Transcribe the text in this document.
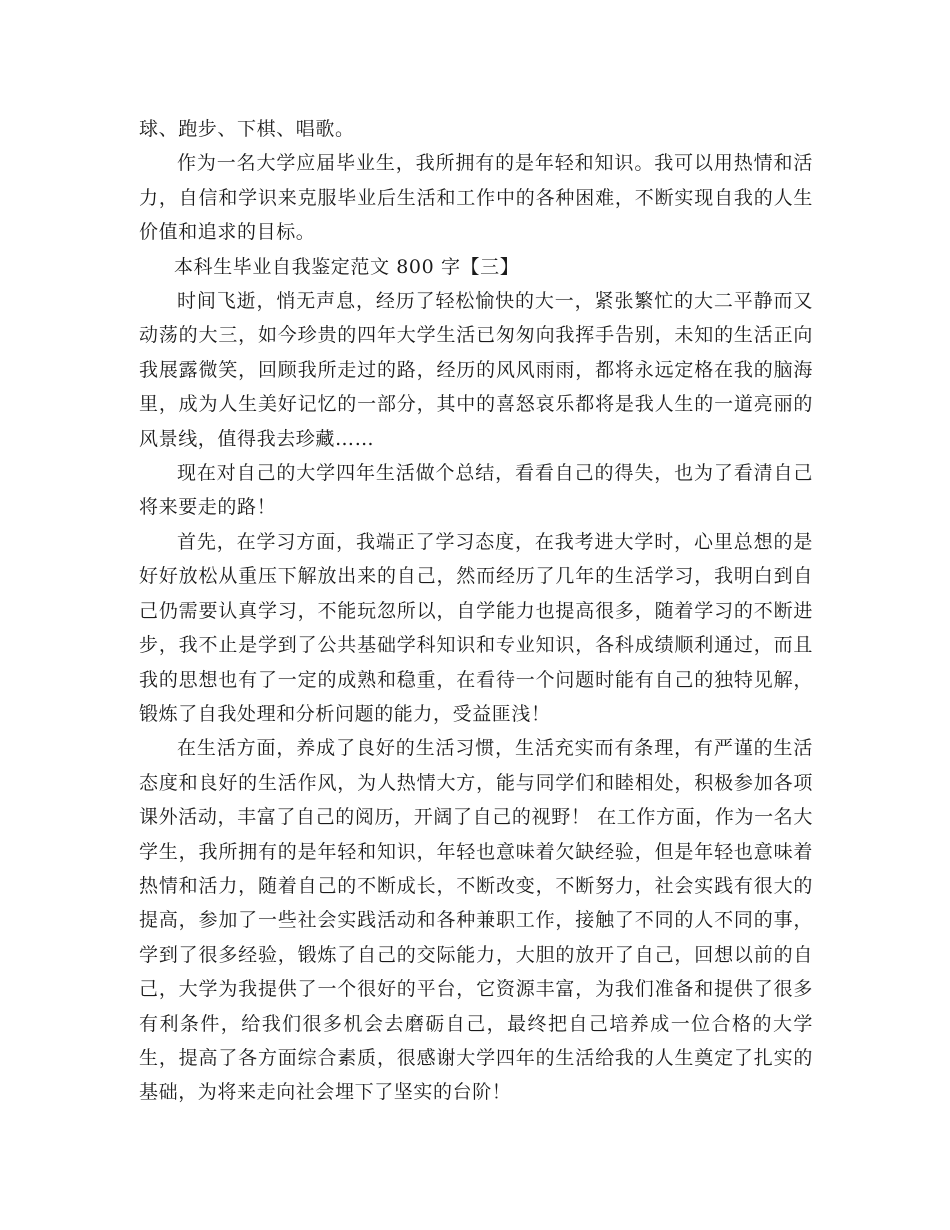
球、跑步、下棋、唱歌。

作为一名大学应届毕业生，我所拥有的是年轻和知识。我可以用热情和活力，自信和学识来克服毕业后生活和工作中的各种困难，不断实现自我的人生价值和追求的目标。

本科生毕业自我鉴定范文 800 字【三】

时间飞逝，悄无声息，经历了轻松愉快的大一，紧张繁忙的大二平静而又动荡的大三，如今珍贵的四年大学生活已匆匆向我挥手告别，未知的生活正向我展露微笑，回顾我所走过的路，经历的风风雨雨，都将永远定格在我的脑海里，成为人生美好记忆的一部分，其中的喜怒哀乐都将是我人生的一道亮丽的风景线，值得我去珍藏……

现在对自己的大学四年生活做个总结，看看自己的得失，也为了看清自己将来要走的路！

首先，在学习方面，我端正了学习态度，在我考进大学时，心里总想的是好好放松从重压下解放出来的自己，然而经历了几年的生活学习，我明白到自己仍需要认真学习，不能玩忽所以，自学能力也提高很多，随着学习的不断进步，我不止是学到了公共基础学科知识和专业知识，各科成绩顺利通过，而且我的思想也有了一定的成熟和稳重，在看待一个问题时能有自己的独特见解，锻炼了自我处理和分析问题的能力，受益匪浅！

在生活方面，养成了良好的生活习惯，生活充实而有条理，有严谨的生活态度和良好的生活作风，为人热情大方，能与同学们和睦相处，积极参加各项课外活动，丰富了自己的阅历，开阔了自己的视野！ 在工作方面，作为一名大学生，我所拥有的是年轻和知识，年轻也意味着欠缺经验，但是年轻也意味着热情和活力，随着自己的不断成长，不断改变，不断努力，社会实践有很大的提高，参加了一些社会实践活动和各种兼职工作，接触了不同的人不同的事，学到了很多经验，锻炼了自己的交际能力，大胆的放开了自己，回想以前的自己，大学为我提供了一个很好的平台，它资源丰富，为我们准备和提供了很多有利条件，给我们很多机会去磨砺自己，最终把自己培养成一位合格的大学生，提高了各方面综合素质，很感谢大学四年的生活给我的人生奠定了扎实的基础，为将来走向社会埋下了坚实的台阶！
